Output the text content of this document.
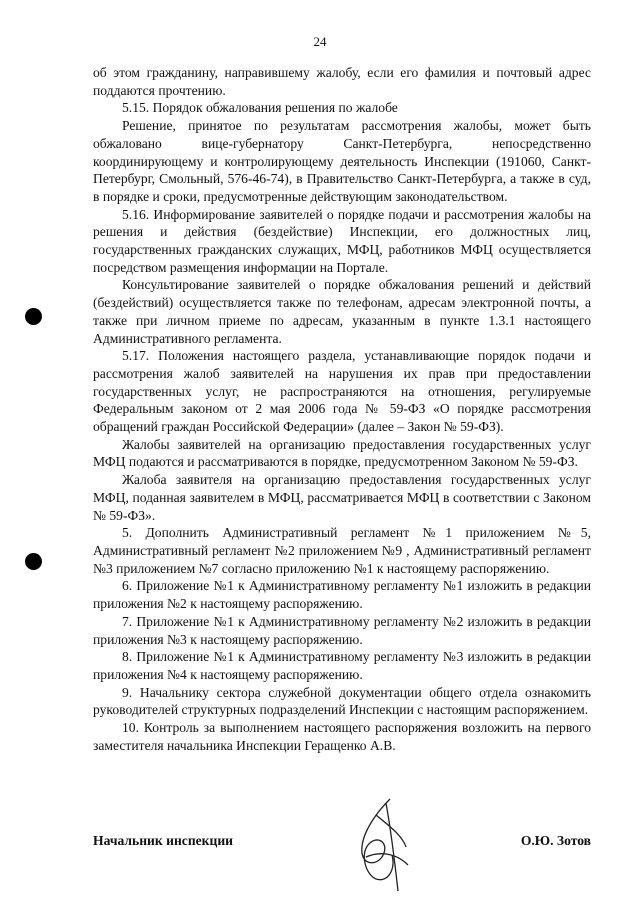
24

об этом гражданину, направившему жалобу, если его фамилия и почтовый адрес поддаются прочтению.

5.15. Порядок обжалования решения по жалобе

Решение, принятое по результатам рассмотрения жалобы, может быть обжаловано вице-губернатору Санкт-Петербурга, непосредственно координирующему и контролирующему деятельность Инспекции (191060, Санкт-Петербург, Смольный, 576-46-74), в Правительство Санкт-Петербурга, а также в суд, в порядке и сроки, предусмотренные действующим законодательством.

5.16. Информирование заявителей о порядке подачи и рассмотрения жалобы на решения и действия (бездействие) Инспекции, его должностных лиц, государственных гражданских служащих, МФЦ, работников МФЦ осуществляется посредством размещения информации на Портале.

Консультирование заявителей о порядке обжалования решений и действий (бездействий) осуществляется также по телефонам, адресам электронной почты, а также при личном приеме по адресам, указанным в пункте 1.3.1 настоящего Административного регламента.

5.17. Положения настоящего раздела, устанавливающие порядок подачи и рассмотрения жалоб заявителей на нарушения их прав при предоставлении государственных услуг, не распространяются на отношения, регулируемые Федеральным законом от 2 мая 2006 года № 59-ФЗ «О порядке рассмотрения обращений граждан Российской Федерации» (далее – Закон № 59-ФЗ).

Жалобы заявителей на организацию предоставления государственных услуг МФЦ подаются и рассматриваются в порядке, предусмотренном Законом № 59-ФЗ.

Жалоба заявителя на организацию предоставления государственных услуг МФЦ, поданная заявителем в МФЦ, рассматривается МФЦ в соответствии с Законом № 59-ФЗ».

5. Дополнить Административный регламент №1 приложением №5, Административный регламент №2 приложением №9 , Административный регламент №3 приложением №7 согласно приложению №1 к настоящему распоряжению.

6. Приложение №1 к Административному регламенту №1 изложить в редакции приложения №2 к настоящему распоряжению.

7. Приложение №1 к Административному регламенту №2 изложить в редакции приложения №3 к настоящему распоряжению.

8. Приложение №1 к Административному регламенту №3 изложить в редакции приложения №4 к настоящему распоряжению.

9. Начальнику сектора служебной документации общего отдела ознакомить руководителей структурных подразделений Инспекции с настоящим распоряжением.

10. Контроль за выполнением настоящего распоряжения возложить на первого заместителя начальника Инспекции Геращенко А.В.

Начальник инспекции	О.Ю. Зотов
